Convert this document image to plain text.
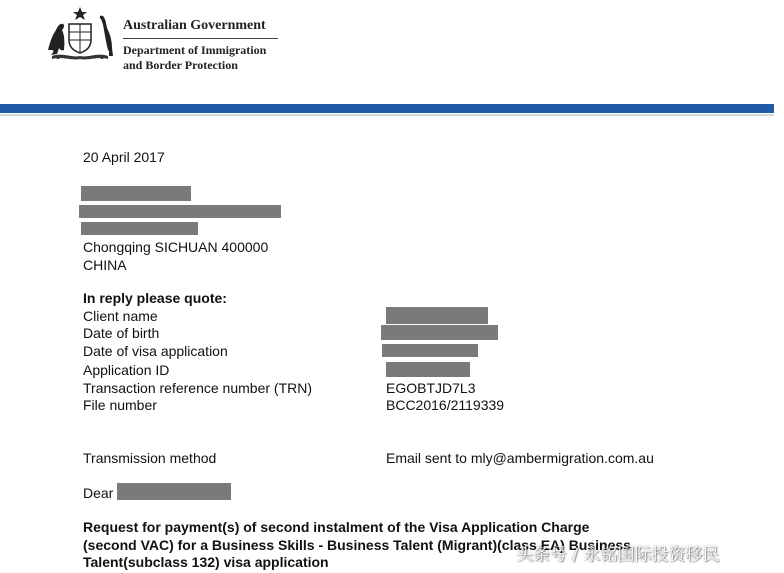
Australian Government
Department of Immigration
and Border Protection
20 April 2017
Chongqing SICHUAN 400000
CHINA
In reply please quote:
Client name
Date of birth
Date of visa application
Application ID
Transaction reference number (TRN)	EGOBTJD7L3
File number	BCC2016/2119339
Transmission method	Email sent to mly@ambermigration.com.au
Dear
Request for payment(s) of second instalment of the Visa Application Charge
(second VAC) for a Business Skills - Business Talent (Migrant)(class EA) Business
Talent(subclass 132) visa application	头条号 / 永铭国际投资移民
